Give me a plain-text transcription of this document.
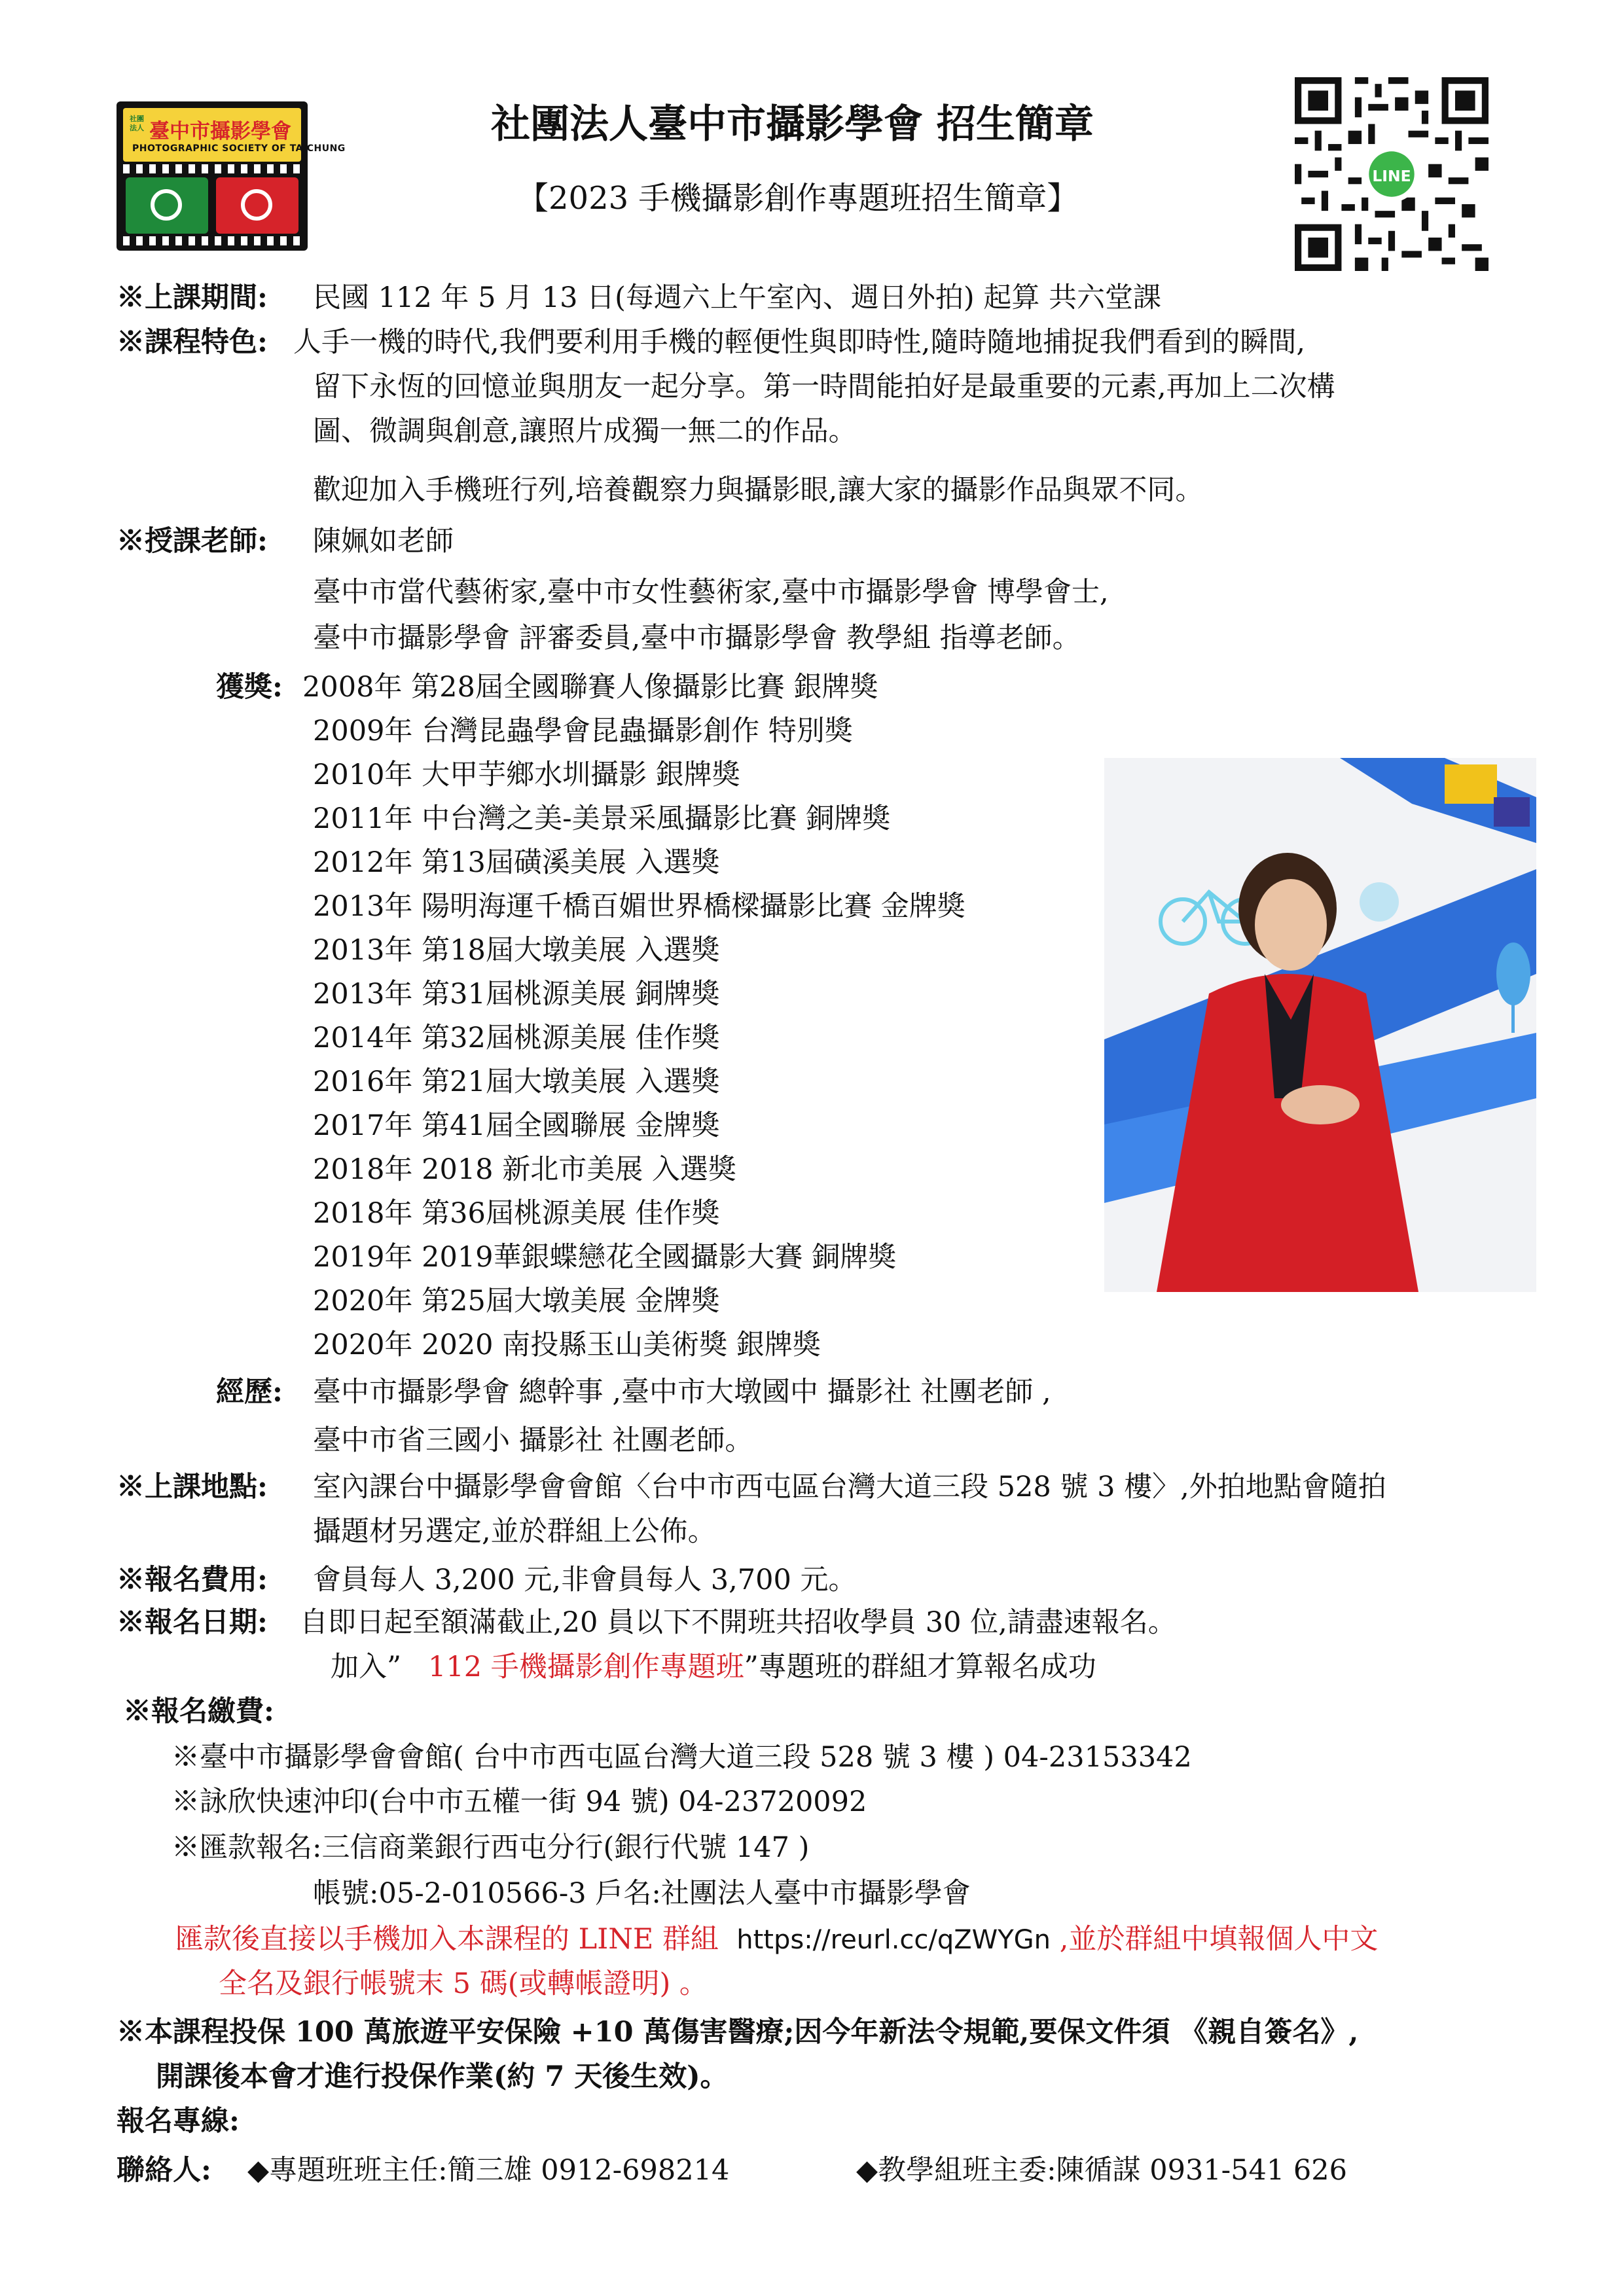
社團法人 臺中市攝影學會
PHOTOGRAPHIC SOCIETY OF TAICHUNG
社團法人臺中市攝影學會 招生簡章
【2023 手機攝影創作專題班招生簡章】
LINE
※上課期間: 民國 112 年 5 月 13 日(每週六上午室內、週日外拍) 起算 共六堂課
※課程特色: 人手一機的時代,我們要利用手機的輕便性與即時性,隨時隨地捕捉我們看到的瞬間,
留下永恆的回憶並與朋友一起分享。第一時間能拍好是最重要的元素,再加上二次構
圖、微調與創意,讓照片成獨一無二的作品。
歡迎加入手機班行列,培養觀察力與攝影眼,讓大家的攝影作品與眾不同。
※授課老師: 陳姵如老師
臺中市當代藝術家,臺中市女性藝術家,臺中市攝影學會 博學會士,
臺中市攝影學會 評審委員,臺中市攝影學會 教學組 指導老師。
獲獎: 2008年 第28屆全國聯賽人像攝影比賽 銀牌獎
2009年 台灣昆蟲學會昆蟲攝影創作 特別獎
2010年 大甲芋鄉水圳攝影 銀牌獎
2011年 中台灣之美-美景采風攝影比賽 銅牌獎
2012年 第13屆磺溪美展 入選獎
2013年 陽明海運千橋百媚世界橋樑攝影比賽 金牌獎
2013年 第18屆大墩美展 入選獎
2013年 第31屆桃源美展 銅牌獎
2014年 第32屆桃源美展 佳作獎
2016年 第21屆大墩美展 入選獎
2017年 第41屆全國聯展 金牌獎
2018年 2018 新北市美展 入選獎
2018年 第36屆桃源美展 佳作獎
2019年 2019華銀蝶戀花全國攝影大賽 銅牌獎
2020年 第25屆大墩美展 金牌獎
2020年 2020 南投縣玉山美術獎 銀牌獎
經歷: 臺中市攝影學會 總幹事 ,臺中市大墩國中 攝影社 社團老師 ,
臺中市省三國小 攝影社 社團老師。
※上課地點: 室內課台中攝影學會會館〈台中市西屯區台灣大道三段 528 號 3 樓〉,外拍地點會隨拍
攝題材另選定,並於群組上公佈。
※報名費用: 會員每人 3,200 元,非會員每人 3,700 元。
※報名日期: 自即日起至額滿截止,20 員以下不開班共招收學員 30 位,請盡速報名。
加入” 112 手機攝影創作專題班”專題班的群組才算報名成功
※報名繳費:
※臺中市攝影學會會館( 台中市西屯區台灣大道三段 528 號 3 樓 ) 04-23153342
※詠欣快速沖印(台中市五權一街 94 號) 04-23720092
※匯款報名:三信商業銀行西屯分行(銀行代號 147 )
帳號:05-2-010566-3 戶名:社團法人臺中市攝影學會
匯款後直接以手機加入本課程的 LINE 群組 https://reurl.cc/qZWYGn ,並於群組中填報個人中文
全名及銀行帳號末 5 碼(或轉帳證明) 。
※本課程投保 100 萬旅遊平安保險 +10 萬傷害醫療;因今年新法令規範,要保文件須 《親自簽名》,
開課後本會才進行投保作業(約 7 天後生效)。
報名專線:
聯絡人: ◆專題班班主任:簡三雄 0912-698214	◆教學組班主委:陳循謀 0931-541 626
